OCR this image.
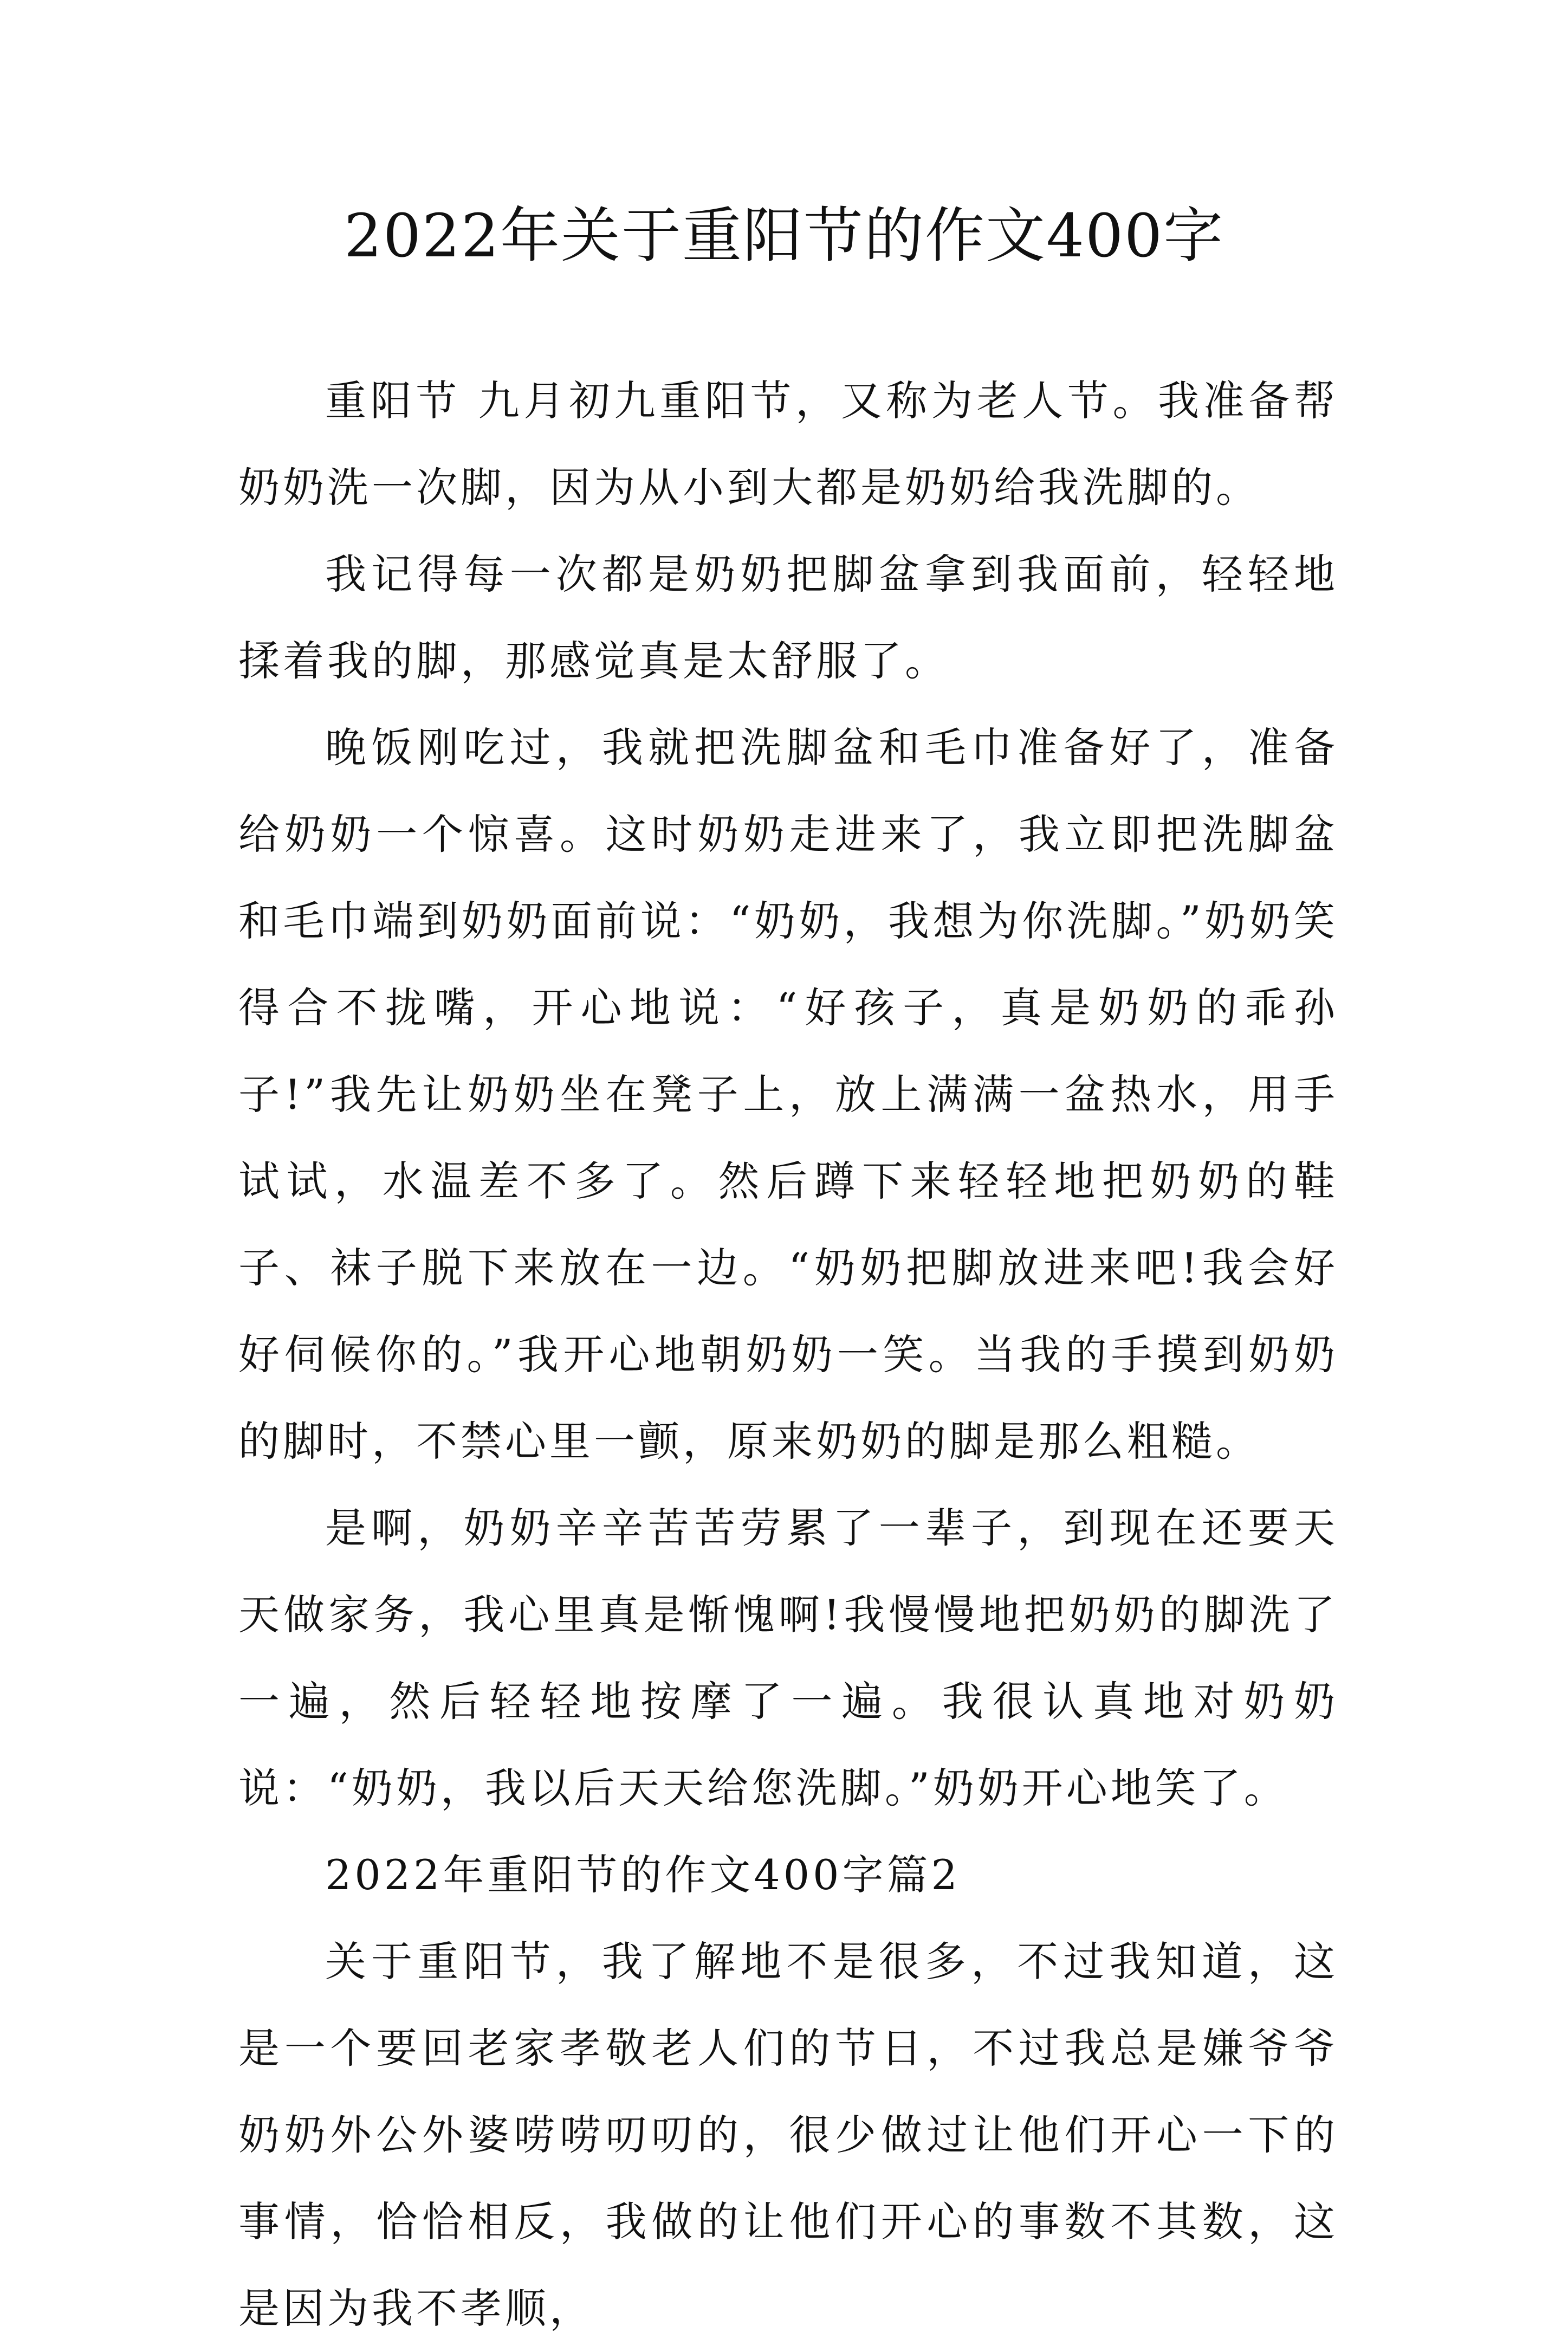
2022年关于重阳节的作文400字

重阳节 九月初九重阳节，又称为老人节。我准备帮奶奶洗一次脚，因为从小到大都是奶奶给我洗脚的。

我记得每一次都是奶奶把脚盆拿到我面前，轻轻地揉着我的脚，那感觉真是太舒服了。

晚饭刚吃过，我就把洗脚盆和毛巾准备好了，准备给奶奶一个惊喜。这时奶奶走进来了，我立即把洗脚盆和毛巾端到奶奶面前说：“奶奶，我想为你洗脚。”奶奶笑得合不拢嘴，开心地说：“好孩子，真是奶奶的乖孙子!”我先让奶奶坐在凳子上，放上满满一盆热水，用手试试，水温差不多了。然后蹲下来轻轻地把奶奶的鞋子、袜子脱下来放在一边。“奶奶把脚放进来吧!我会好好伺候你的。”我开心地朝奶奶一笑。当我的手摸到奶奶的脚时，不禁心里一颤，原来奶奶的脚是那么粗糙。

是啊，奶奶辛辛苦苦劳累了一辈子，到现在还要天天做家务，我心里真是惭愧啊!我慢慢地把奶奶的脚洗了一遍，然后轻轻地按摩了一遍。我很认真地对奶奶说：“奶奶，我以后天天给您洗脚。”奶奶开心地笑了。

2022年重阳节的作文400字篇2

关于重阳节，我了解地不是很多，不过我知道，这是一个要回老家孝敬老人们的节日，不过我总是嫌爷爷奶奶外公外婆唠唠叨叨的，很少做过让他们开心一下的事情，恰恰相反，我做的让他们开心的事数不其数，这是因为我不孝顺，
